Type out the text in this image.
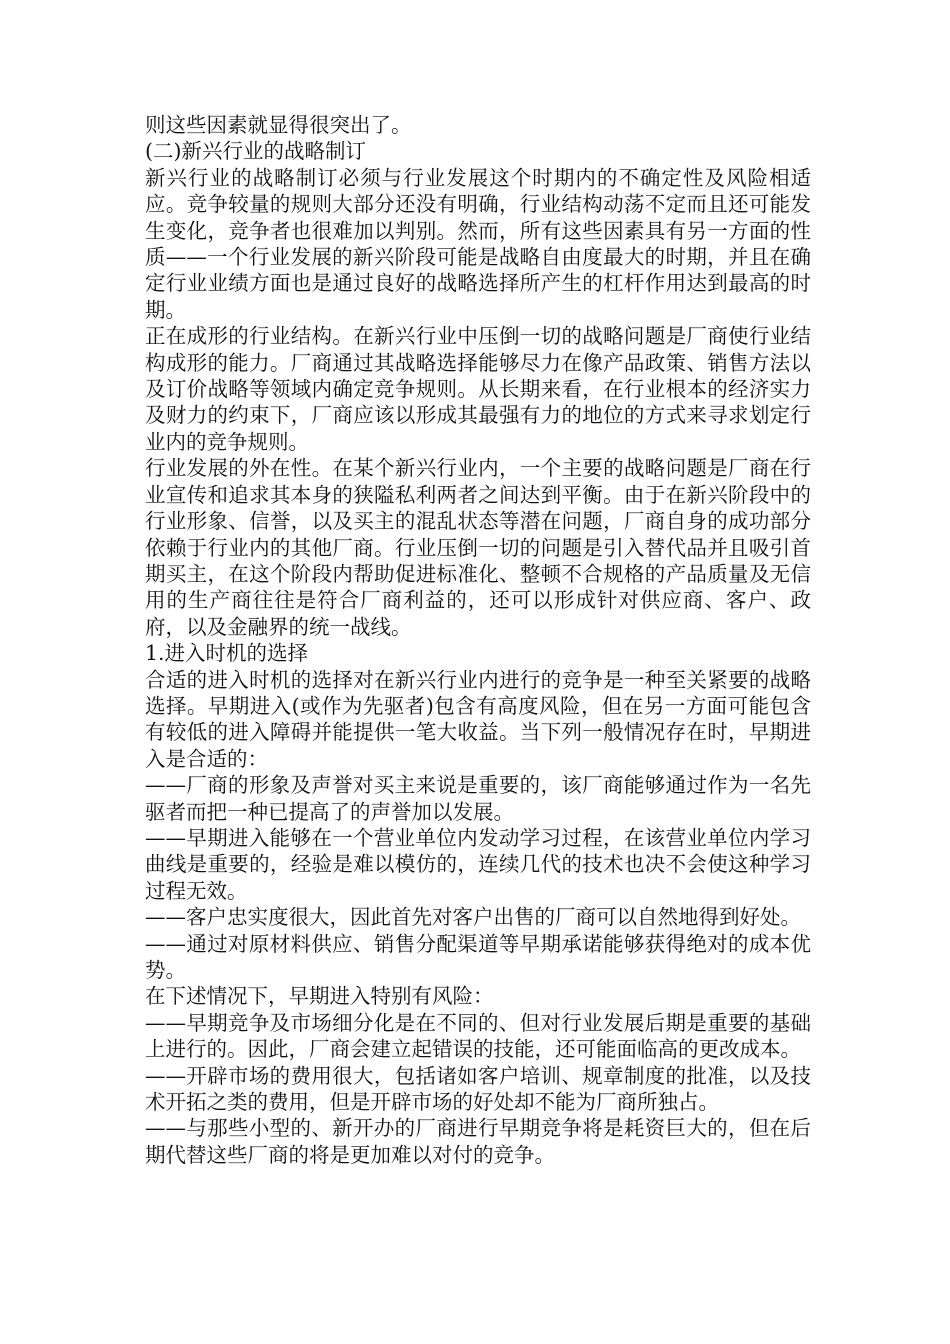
则这些因素就显得很突出了。

(二)新兴行业的战略制订

新兴行业的战略制订必须与行业发展这个时期内的不确定性及风险相适应。竞争较量的规则大部分还没有明确，行业结构动荡不定而且还可能发生变化，竞争者也很难加以判别。然而，所有这些因素具有另一方面的性质——一个行业发展的新兴阶段可能是战略自由度最大的时期，并且在确定行业业绩方面也是通过良好的战略选择所产生的杠杆作用达到最高的时期。

正在成形的行业结构。在新兴行业中压倒一切的战略问题是厂商使行业结构成形的能力。厂商通过其战略选择能够尽力在像产品政策、销售方法以及订价战略等领域内确定竞争规则。从长期来看，在行业根本的经济实力及财力的约束下，厂商应该以形成其最强有力的地位的方式来寻求划定行业内的竞争规则。

行业发展的外在性。在某个新兴行业内，一个主要的战略问题是厂商在行业宣传和追求其本身的狭隘私利两者之间达到平衡。由于在新兴阶段中的行业形象、信誉，以及买主的混乱状态等潜在问题，厂商自身的成功部分依赖于行业内的其他厂商。行业压倒一切的问题是引入替代品并且吸引首期买主，在这个阶段内帮助促进标准化、整顿不合规格的产品质量及无信用的生产商往往是符合厂商利益的，还可以形成针对供应商、客户、政府，以及金融界的统一战线。

1.进入时机的选择

合适的进入时机的选择对在新兴行业内进行的竞争是一种至关紧要的战略选择。早期进入(或作为先驱者)包含有高度风险，但在另一方面可能包含有较低的进入障碍并能提供一笔大收益。当下列一般情况存在时，早期进入是合适的：

——厂商的形象及声誉对买主来说是重要的，该厂商能够通过作为一名先驱者而把一种已提高了的声誉加以发展。

——早期进入能够在一个营业单位内发动学习过程，在该营业单位内学习曲线是重要的，经验是难以模仿的，连续几代的技术也决不会使这种学习过程无效。

——客户忠实度很大，因此首先对客户出售的厂商可以自然地得到好处。

——通过对原材料供应、销售分配渠道等早期承诺能够获得绝对的成本优势。

在下述情况下，早期进入特别有风险：

——早期竞争及市场细分化是在不同的、但对行业发展后期是重要的基础上进行的。因此，厂商会建立起错误的技能，还可能面临高的更改成本。

——开辟市场的费用很大，包括诸如客户培训、规章制度的批准，以及技术开拓之类的费用，但是开辟市场的好处却不能为厂商所独占。

——与那些小型的、新开办的厂商进行早期竞争将是耗资巨大的，但在后期代替这些厂商的将是更加难以对付的竞争。
